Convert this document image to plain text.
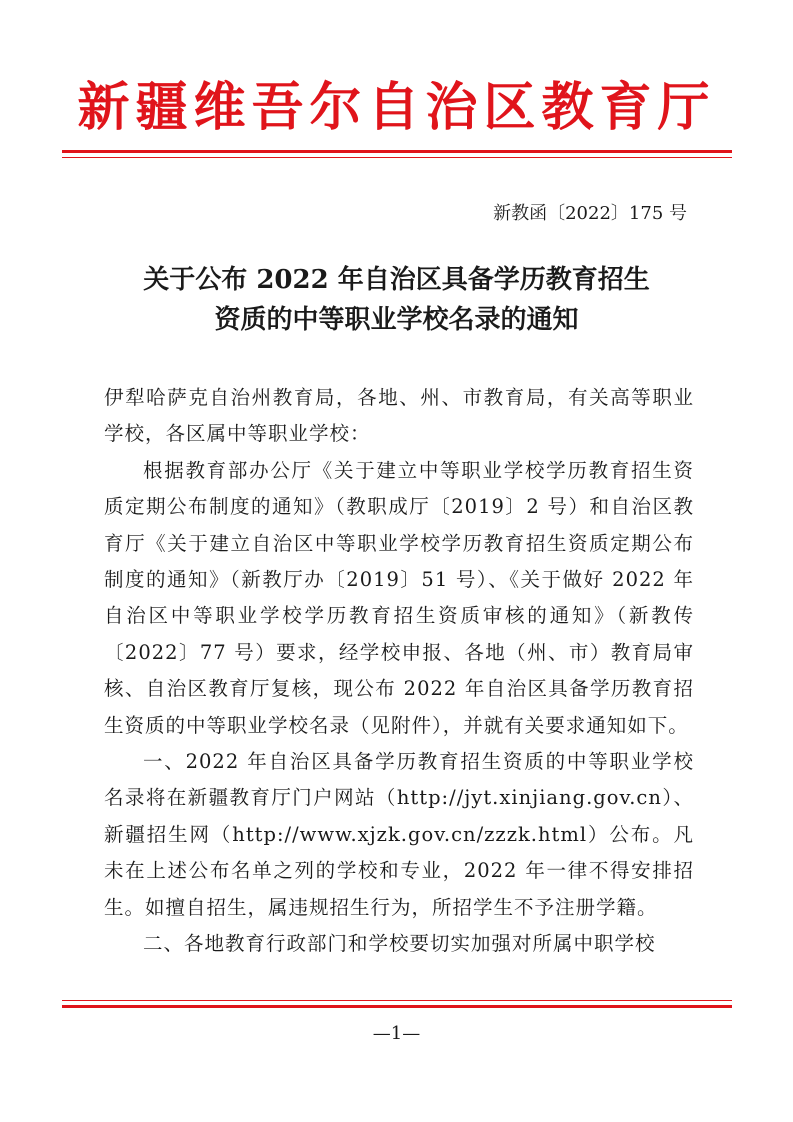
新疆维吾尔自治区教育厅
新教函〔2022〕175 号
关于公布 2022 年自治区具备学历教育招生
资质的中等职业学校名录的通知

伊犁哈萨克自治州教育局，各地、州、市教育局，有关高等职业学校，各区属中等职业学校：

根据教育部办公厅《关于建立中等职业学校学历教育招生资质定期公布制度的通知》（教职成厅〔2019〕2 号）和自治区教育厅《关于建立自治区中等职业学校学历教育招生资质定期公布制度的通知》（新教厅办〔2019〕51 号）、《关于做好 2022 年自治区中等职业学校学历教育招生资质审核的通知》（新教传〔2022〕77 号）要求，经学校申报、各地（州、市）教育局审核、自治区教育厅复核，现公布 2022 年自治区具备学历教育招生资质的中等职业学校名录（见附件），并就有关要求通知如下。

一、2022 年自治区具备学历教育招生资质的中等职业学校名录将在新疆教育厅门户网站（http://jyt.xinjiang.gov.cn）、新疆招生网（http://www.xjzk.gov.cn/zzzk.html）公布。凡未在上述公布名单之列的学校和专业，2022 年一律不得安排招生。如擅自招生，属违规招生行为，所招学生不予注册学籍。

二、各地教育行政部门和学校要切实加强对所属中职学校

—1—
